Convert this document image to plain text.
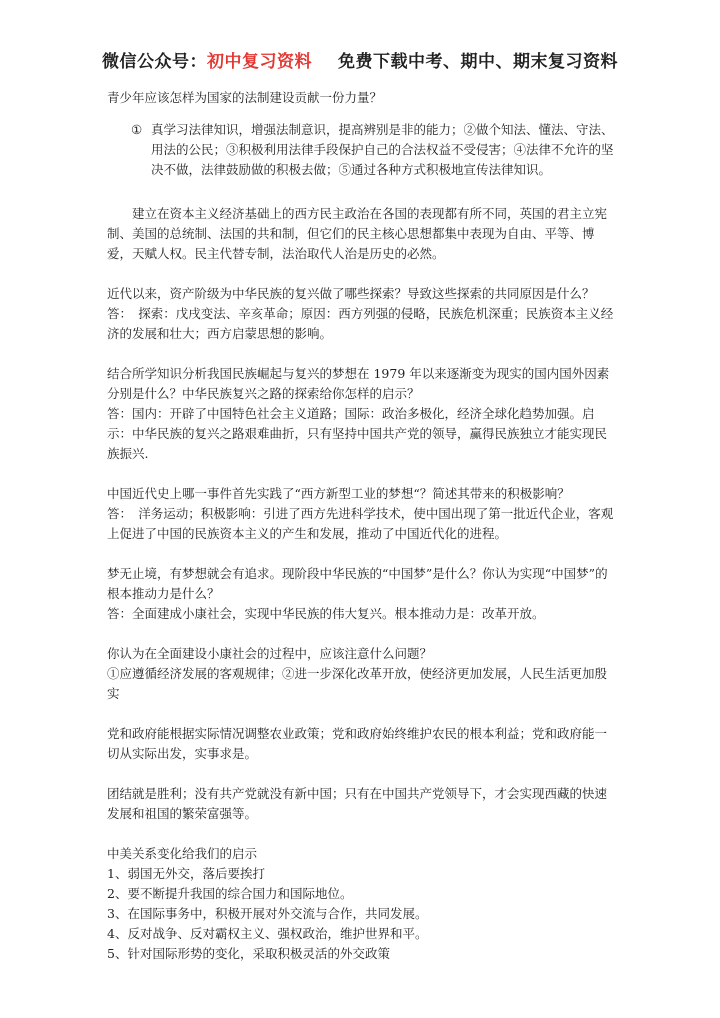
微信公众号：初中复习资料 免费下载中考、期中、期末复习资料

青少年应该怎样为国家的法制建设贡献一份力量？

① 真学习法律知识，增强法制意识，提高辨别是非的能力；②做个知法、懂法、守法、用法的公民；③积极利用法律手段保护自己的合法权益不受侵害；④法律不允许的坚决不做，法律鼓励做的积极去做；⑤通过各种方式积极地宣传法律知识。

建立在资本主义经济基础上的西方民主政治在各国的表现都有所不同，英国的君主立宪制、美国的总统制、法国的共和制，但它们的民主核心思想都集中表现为自由、平等、博爱，天赋人权。民主代替专制，法治取代人治是历史的必然。

近代以来，资产阶级为中华民族的复兴做了哪些探索？导致这些探索的共同原因是什么？

答：　探索：戊戌变法、辛亥革命；原因：西方列强的侵略，民族危机深重；民族资本主义经济的发展和壮大；西方启蒙思想的影响。

结合所学知识分析我国民族崛起与复兴的梦想在 1979 年以来逐渐变为现实的国内国外因素分别是什么？中华民族复兴之路的探索给你怎样的启示？

答：国内：开辟了中国特色社会主义道路；国际：政治多极化，经济全球化趋势加强。启示：中华民族的复兴之路艰难曲折，只有坚持中国共产党的领导，赢得民族独立才能实现民族振兴.

中国近代史上哪一事件首先实践了“西方新型工业的梦想“？简述其带来的积极影响？

答：　洋务运动；积极影响：引进了西方先进科学技术，使中国出现了第一批近代企业，客观上促进了中国的民族资本主义的产生和发展，推动了中国近代化的进程。

梦无止境，有梦想就会有追求。现阶段中华民族的“中国梦”是什么？你认为实现“中国梦”的根本推动力是什么？

答：全面建成小康社会，实现中华民族的伟大复兴。根本推动力是：改革开放。

你认为在全面建设小康社会的过程中，应该注意什么问题？

①应遵循经济发展的客观规律；②进一步深化改革开放，使经济更加发展，人民生活更加殷实

党和政府能根据实际情况调整农业政策；党和政府始终维护农民的根本利益；党和政府能一切从实际出发，实事求是。

团结就是胜利；没有共产党就没有新中国；只有在中国共产党领导下，才会实现西藏的快速发展和祖国的繁荣富强等。

中美关系变化给我们的启示

1、弱国无外交，落后要挨打

2、要不断提升我国的综合国力和国际地位。

3、在国际事务中，积极开展对外交流与合作，共同发展。

4、反对战争、反对霸权主义、强权政治，维护世界和平。

5、针对国际形势的变化，采取积极灵活的外交政策
